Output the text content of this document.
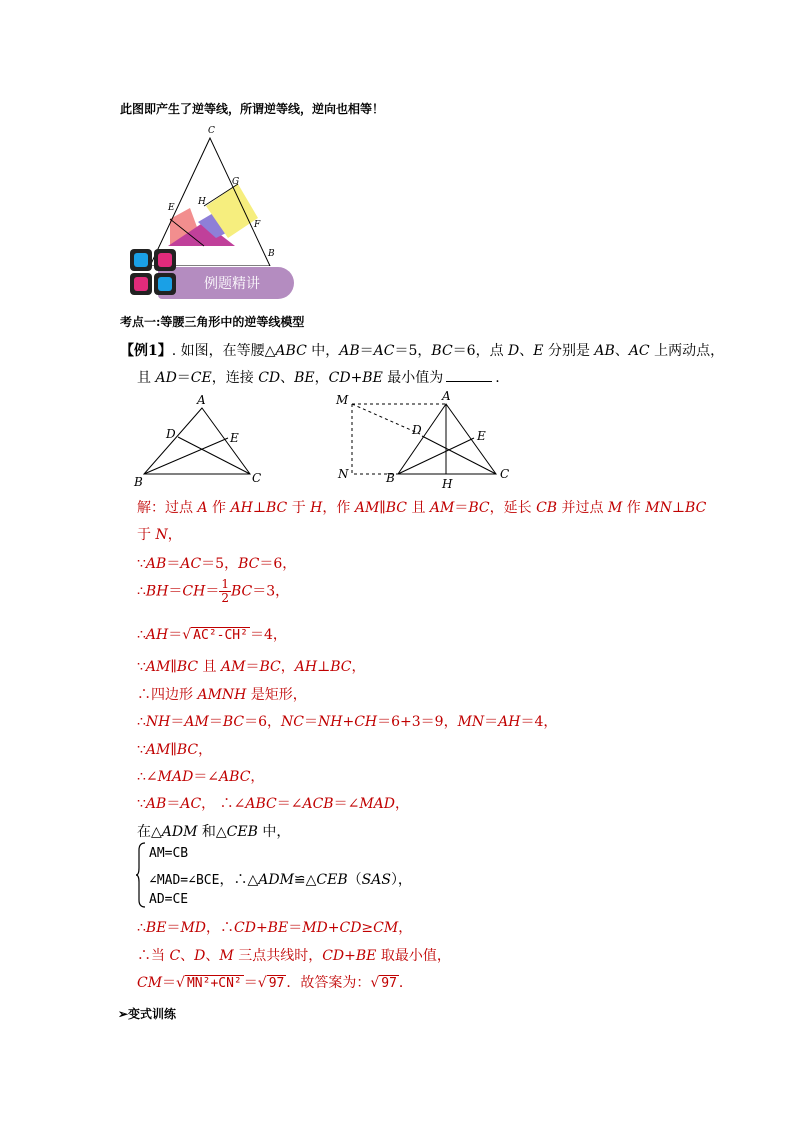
此图即产生了逆等线，所谓逆等线，逆向也相等！
C
G
E
H
F
B
例题精讲
考点一:等腰三角形中的逆等线模型
【例1】. 如图，在等腰△ABC 中，AB＝AC＝5，BC＝6，点 D、E 分别是 AB、AC 上两动点，
且 AD＝CE，连接 CD、BE，CD+BE 最小值为	.
A
D	E
B	C
M	A
D	E
N	B	H
C
解：过点 A 作 AH⊥BC 于 H，作 AM∥BC 且 AM＝BC，延长 CB 并过点 M 作 MN⊥BC
于 N，
∵AB＝AC＝5，BC＝6，
∴BH＝CH＝ $\frac{1}{2} BC=3$，
∴AH＝√ AC²-CH² ＝4，
∵AM∥BC 且 AM＝BC，AH⊥BC，
∴四边形 AMNH 是矩形，
∴NH＝AM＝BC＝6，NC＝NH+CH＝6+3＝9，MN＝AH＝4，
∵AM∥BC，
∴∠MAD＝∠ABC，
∵AB＝AC， ∴∠ABC＝∠ACB＝∠MAD，
在△ADM 和△CEB 中，
AM=CB
∠MAD=∠BCE，∴△ADM≌△CEB（SAS），
AD=CE
∴BE＝MD，∴CD+BE＝MD+CD≥CM，
∴当 C、D、M 三点共线时，CD+BE 取最小值，
CM＝√ MN²+CN² ＝√ 97 ．故答案为：√ 97 ．
➢变式训练
